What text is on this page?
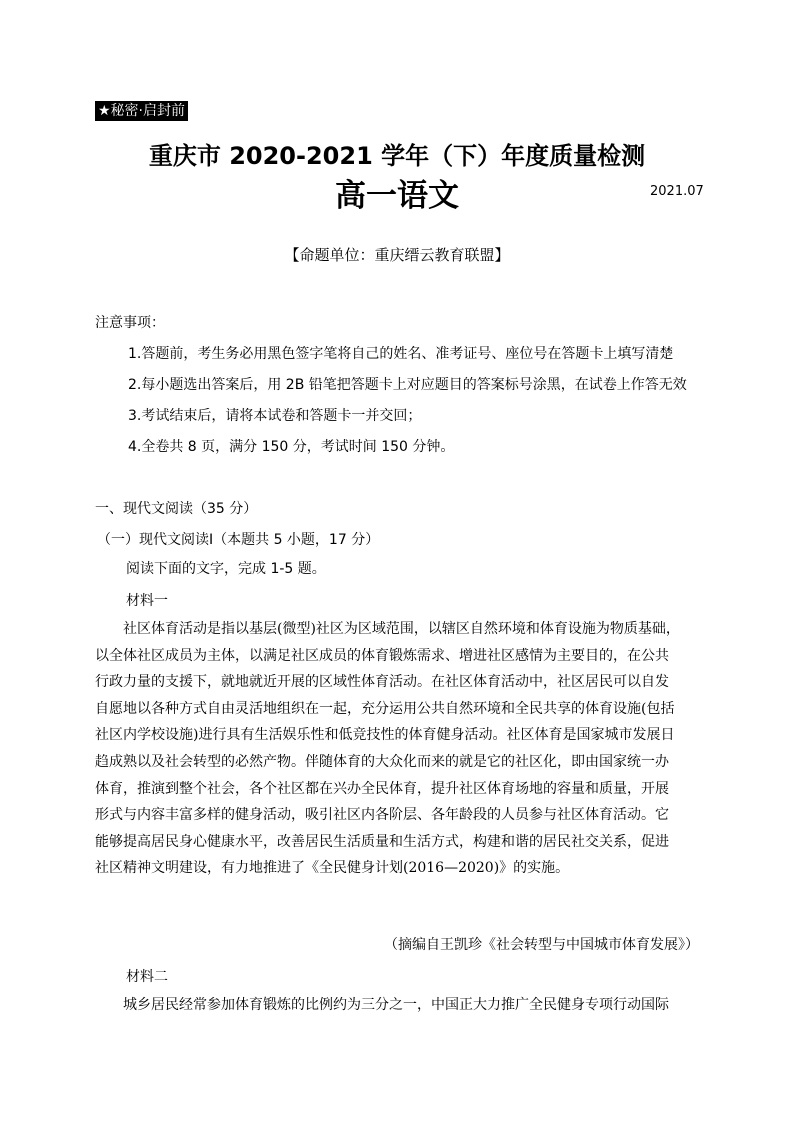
★秘密·启封前
重庆市 2020-2021 学年（下）年度质量检测
高一语文	2021.07
【命题单位：重庆缙云教育联盟】
注意事项：
1.答题前，考生务必用黑色签字笔将自己的姓名、准考证号、座位号在答题卡上填写清楚
2.每小题选出答案后，用 2B 铅笔把答题卡上对应题目的答案标号涂黑，在试卷上作答无效
3.考试结束后，请将本试卷和答题卡一并交回；
4.全卷共 8 页，满分 150 分，考试时间 150 分钟。
一、现代文阅读（35 分）
（一）现代文阅读Ⅰ（本题共 5 小题，17 分）
阅读下面的文字，完成 1-5 题。
材料一
社区体育活动是指以基层(微型)社区为区域范围，以辖区自然环境和体育设施为物质基础，
以全体社区成员为主体，以满足社区成员的体育锻炼需求、增进社区感情为主要目的，在公共
行政力量的支援下，就地就近开展的区域性体育活动。在社区体育活动中，社区居民可以自发
自愿地以各种方式自由灵活地组织在一起，充分运用公共自然环境和全民共享的体育设施(包括
社区内学校设施)进行具有生活娱乐性和低竞技性的体育健身活动。社区体育是国家城市发展日
趋成熟以及社会转型的必然产物。伴随体育的大众化而来的就是它的社区化，即由国家统一办
体育，推演到整个社会，各个社区都在兴办全民体育，提升社区体育场地的容量和质量，开展
形式与内容丰富多样的健身活动，吸引社区内各阶层、各年龄段的人员参与社区体育活动。它
能够提高居民身心健康水平，改善居民生活质量和生活方式，构建和谐的居民社交关系，促进
社区精神文明建设，有力地推进了《全民健身计划(2016—2020)》的实施。
（摘编自王凯珍《社会转型与中国城市体育发展》）
材料二
城乡居民经常参加体育锻炼的比例约为三分之一，中国正大力推广全民健身专项行动国际
